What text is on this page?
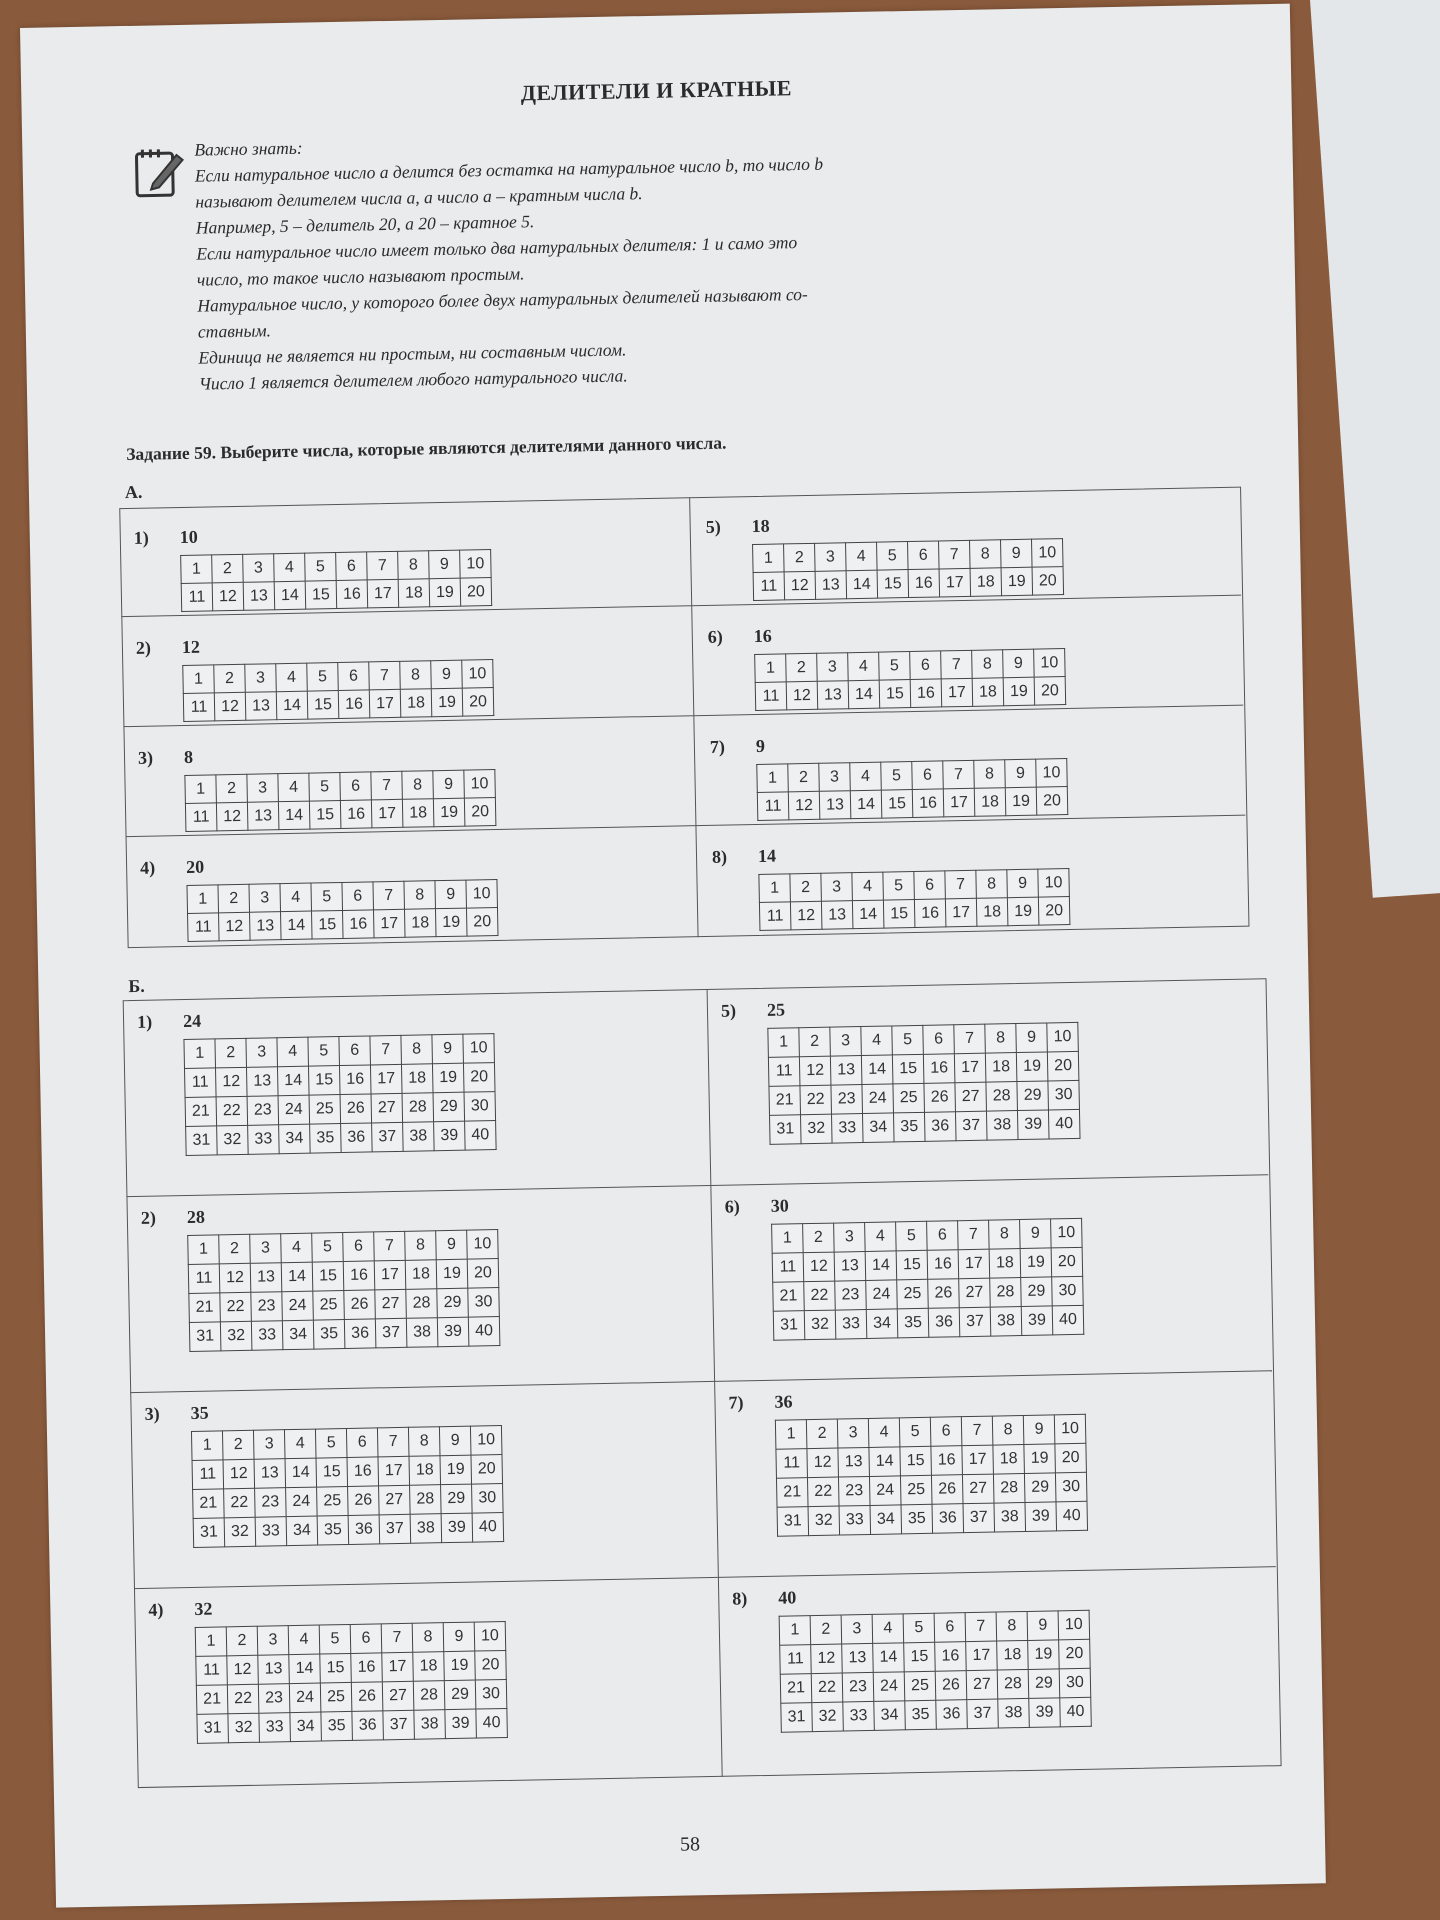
ДЕЛИТЕЛИ И КРАТНЫЕ
Важно знать:
Если натуральное число а делится без остатка на натуральное число b, то число b
называют делителем числа а, а число а – кратным числа b.
Например, 5 – делитель 20, а 20 – кратное 5.
Если натуральное число имеет только два натуральных делителя: 1 и само это
число, то такое число называют простым.
Натуральное число, у которого более двух натуральных делителей называют со-
ставным.
Единица не является ни простым, ни составным числом.
Число 1 является делителем любого натурального числа.
Задание 59. Выберите числа, которые являются делителями данного числа.
А.
1) 10
1	2	3	4	5	6	7	8	9	10
11	12	13	14	15	16	17	18	19	20
2) 12
1	2	3	4	5	6	7	8	9	10
11	12	13	14	15	16	17	18	19	20
3) 8
1	2	3	4	5	6	7	8	9	10
11	12	13	14	15	16	17	18	19	20
4) 20
1	2	3	4	5	6	7	8	9	10
11	12	13	14	15	16	17	18	19	20
5) 18
1	2	3	4	5	6	7	8	9	10
11	12	13	14	15	16	17	18	19	20
6) 16
1	2	3	4	5	6	7	8	9	10
11	12	13	14	15	16	17	18	19	20
7) 9
1	2	3	4	5	6	7	8	9	10
11	12	13	14	15	16	17	18	19	20
8) 14
1	2	3	4	5	6	7	8	9	10
11	12	13	14	15	16	17	18	19	20
Б.
1) 24
1	2	3	4	5	6	7	8	9	10
11	12	13	14	15	16	17	18	19	20
21	22	23	24	25	26	27	28	29	30
31	32	33	34	35	36	37	38	39	40
2) 28
1	2	3	4	5	6	7	8	9	10
11	12	13	14	15	16	17	18	19	20
21	22	23	24	25	26	27	28	29	30
31	32	33	34	35	36	37	38	39	40
3) 35
1	2	3	4	5	6	7	8	9	10
11	12	13	14	15	16	17	18	19	20
21	22	23	24	25	26	27	28	29	30
31	32	33	34	35	36	37	38	39	40
4) 32
1	2	3	4	5	6	7	8	9	10
11	12	13	14	15	16	17	18	19	20
21	22	23	24	25	26	27	28	29	30
31	32	33	34	35	36	37	38	39	40
5) 25
1	2	3	4	5	6	7	8	9	10
11	12	13	14	15	16	17	18	19	20
21	22	23	24	25	26	27	28	29	30
31	32	33	34	35	36	37	38	39	40
6) 30
1	2	3	4	5	6	7	8	9	10
11	12	13	14	15	16	17	18	19	20
21	22	23	24	25	26	27	28	29	30
31	32	33	34	35	36	37	38	39	40
7) 36
1	2	3	4	5	6	7	8	9	10
11	12	13	14	15	16	17	18	19	20
21	22	23	24	25	26	27	28	29	30
31	32	33	34	35	36	37	38	39	40
8) 40
1	2	3	4	5	6	7	8	9	10
11	12	13	14	15	16	17	18	19	20
21	22	23	24	25	26	27	28	29	30
31	32	33	34	35	36	37	38	39	40
58
